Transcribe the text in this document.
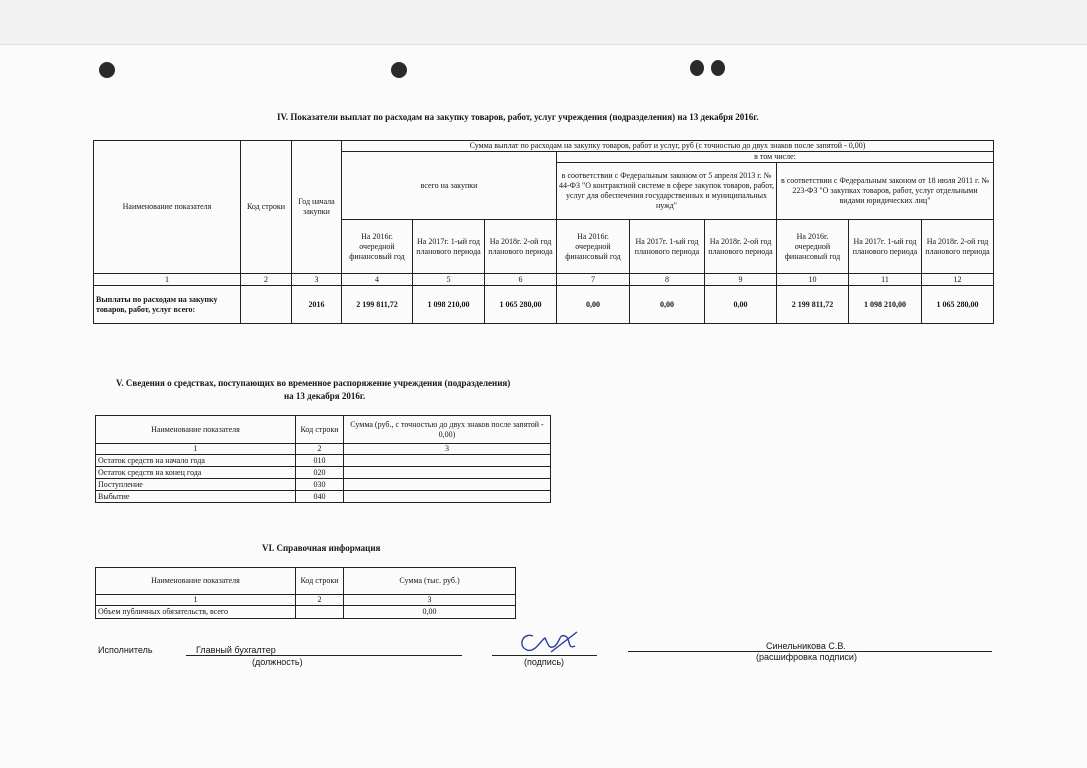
IV. Показатели выплат по расходам на закупку товаров, работ, услуг учреждения (подразделения) на 13 декабря 2016г.
Наименование показателя	Код строки	Год начала закупки	Сумма выплат по расходам на закупку товаров, работ и услуг, руб (с точностью до двух знаков после запятой - 0,00)								
			всего на закупки			в том числе:					
						в соответствии с Федеральным законом от 5 апреля 2013 г. № 44-ФЗ "О контрактной системе в сфере закупок товаров, работ, услуг для обеспечения государственных и муниципальных нужд"			в соответствии с Федеральным законом от 18 июля 2011 г. № 223-ФЗ "О закупках товаров, работ, услуг отдельными видами юридических лиц"		
			На 2016г. очередной финансовый год	На 2017г. 1-ый год планового периода	На 2018г. 2-ой год планового периода	На 2016г. очередной финансовый год	На 2017г. 1-ый год планового периода	На 2018г. 2-ой год планового периода	На 2016г. очередной финансовый год	На 2017г. 1-ый год планового периода	На 2018г. 2-ой год планового периода
1	2	3	4	5	6	7	8	9	10	11	12
Выплаты по расходам на закупку товаров, работ, услуг всего:		2016	2 199 811,72	1 098 210,00	1 065 280,00	0,00	0,00	0,00	2 199 811,72	1 098 210,00	1 065 280,00
V. Сведения о средствах, поступающих во временное распоряжение учреждения (подразделения)
на 13 декабря 2016г.
Наименование показателя	Код строки	Сумма (руб., с точностью до двух знаков после запятой - 0,00)
1	2	3
Остаток средств на начало года	010	
Остаток средств на конец года	020	
Поступление	030	
Выбытие	040	
VI. Справочная информация
Наименование показателя	Код строки	Сумма (тыс. руб.)
1	2	3
Объем публичных обязательств, всего		0,00
Исполнитель	Главный бухгалтер
(должность)	(подпись)
Синельникова С.В.
(расшифровка подписи)
